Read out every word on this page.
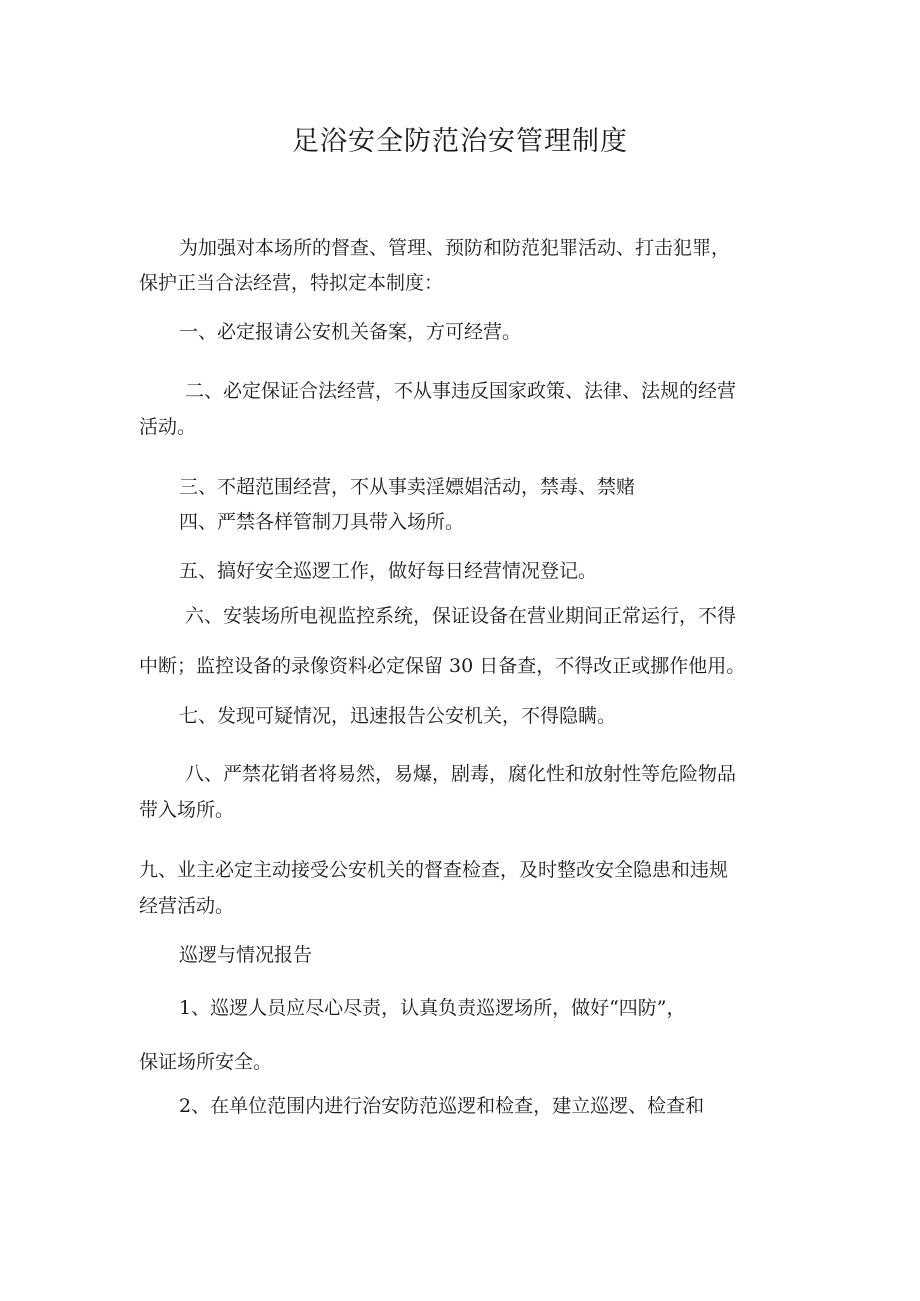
足浴安全防范治安管理制度

为加强对本场所的督查、管理、预防和防范犯罪活动、打击犯罪，

保护正当合法经营，特拟定本制度：

一、必定报请公安机关备案，方可经营。

二、必定保证合法经营，不从事违反国家政策、法律、法规的经营

活动。

三、不超范围经营，不从事卖淫嫖娼活动，禁毒、禁赌

四、严禁各样管制刀具带入场所。

五、搞好安全巡逻工作，做好每日经营情况登记。

六、安装场所电视监控系统，保证设备在营业期间正常运行，不得

中断；监控设备的录像资料必定保留 30 日备查，不得改正或挪作他用。

七、发现可疑情况，迅速报告公安机关，不得隐瞒。

八、严禁花销者将易然，易爆，剧毒，腐化性和放射性等危险物品

带入场所。

九、业主必定主动接受公安机关的督查检查，及时整改安全隐患和违规

经营活动。

巡逻与情况报告

1、巡逻人员应尽心尽责，认真负责巡逻场所，做好“四防”，

保证场所安全。

2、在单位范围内进行治安防范巡逻和检查，建立巡逻、检查和
